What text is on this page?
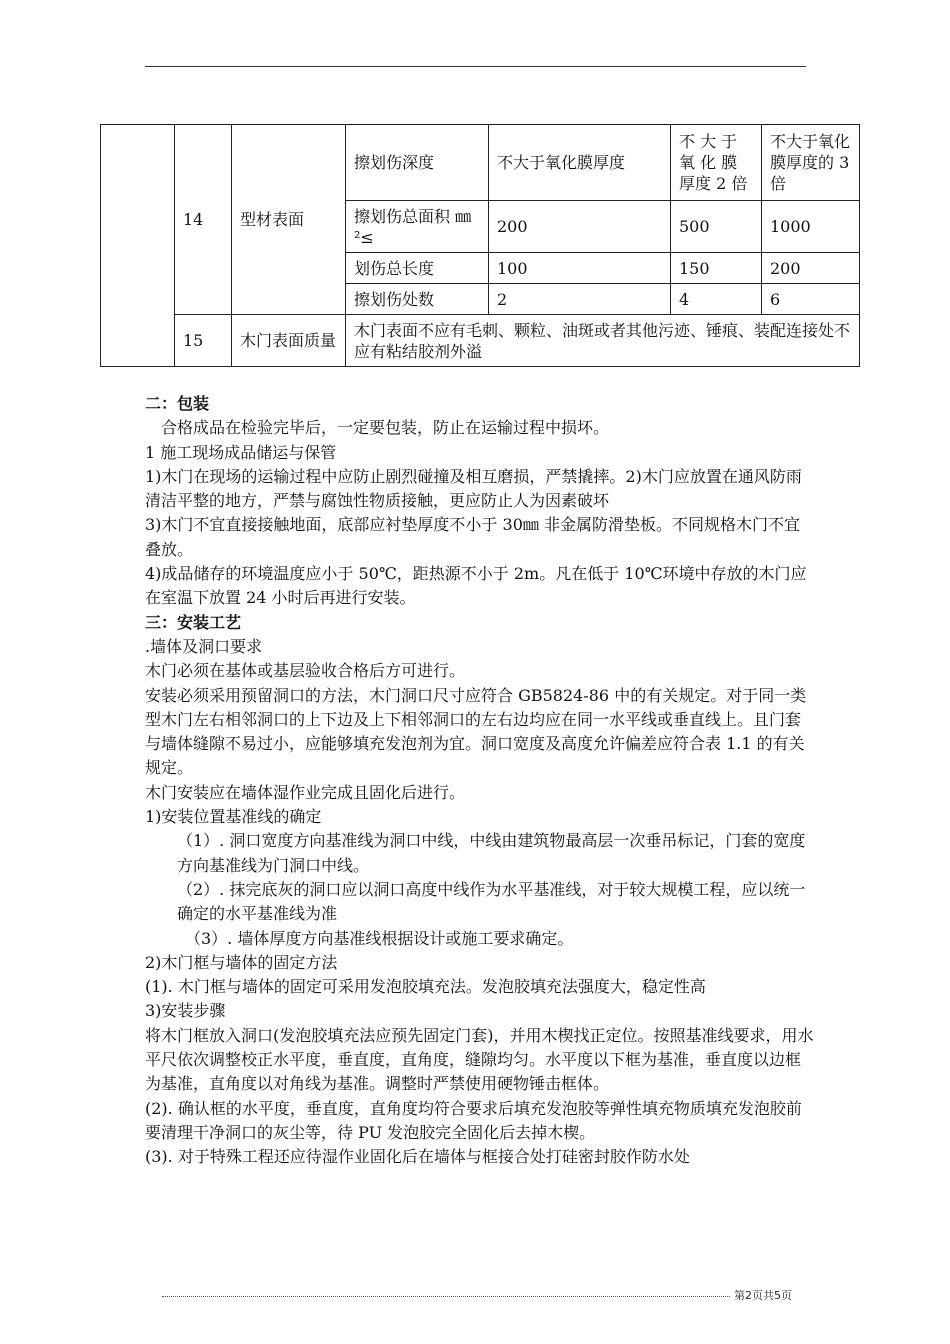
	14	型材表面	擦划伤深度	不大于氧化膜厚度	不 大 于 氧 化 膜 厚度 2 倍	不大于氧化膜厚度的 3 倍
			擦划伤总面积 ㎜²≤	200	500	1000
			划伤总长度	100	150	200
			擦划伤处数	2	4	6
	15	木门表面质量	木门表面不应有毛刺、颗粒、油斑或者其他污迹、锤痕、装配连接处不应有粘结胶剂外溢			

二：包装

合格成品在检验完毕后，一定要包装，防止在运输过程中损坏。

1 施工现场成品储运与保管

1)木门在现场的运输过程中应防止剧烈碰撞及相互磨损，严禁撬摔。2)木门应放置在通风防雨清洁平整的地方，严禁与腐蚀性物质接触，更应防止人为因素破坏

3)木门不宜直接接触地面，底部应衬垫厚度不小于 30㎜ 非金属防滑垫板。不同规格木门不宜叠放。

4)成品储存的环境温度应小于 50℃，距热源不小于 2m。凡在低于 10℃环境中存放的木门应在室温下放置 24 小时后再进行安装。

三：安装工艺

.墙体及洞口要求

木门必须在基体或基层验收合格后方可进行。

安装必须采用预留洞口的方法，木门洞口尺寸应符合 GB5824-86 中的有关规定。对于同一类型木门左右相邻洞口的上下边及上下相邻洞口的左右边均应在同一水平线或垂直线上。且门套与墙体缝隙不易过小，应能够填充发泡剂为宜。洞口宽度及高度允许偏差应符合表 1.1 的有关规定。

木门安装应在墙体湿作业完成且固化后进行。

1)安装位置基准线的确定

（1）. 洞口宽度方向基准线为洞口中线，中线由建筑物最高层一次垂吊标记，门套的宽度方向基准线为门洞口中线。

（2）. 抹完底灰的洞口应以洞口高度中线作为水平基准线，对于较大规模工程，应以统一确定的水平基准线为准

（3）. 墙体厚度方向基准线根据设计或施工要求确定。

2)木门框与墙体的固定方法

(1). 木门框与墙体的固定可采用发泡胶填充法。发泡胶填充法强度大，稳定性高

3)安装步骤

将木门框放入洞口(发泡胶填充法应预先固定门套)，并用木楔找正定位。按照基准线要求，用水平尺依次调整校正水平度，垂直度，直角度，缝隙均匀。水平度以下框为基准，垂直度以边框为基准，直角度以对角线为基准。调整时严禁使用硬物锤击框体。

(2). 确认框的水平度，垂直度，直角度均符合要求后填充发泡胶等弹性填充物质填充发泡胶前要清理干净洞口的灰尘等，待 PU 发泡胶完全固化后去掉木楔。

(3). 对于特殊工程还应待湿作业固化后在墙体与框接合处打硅密封胶作防水处

第2页共5页
